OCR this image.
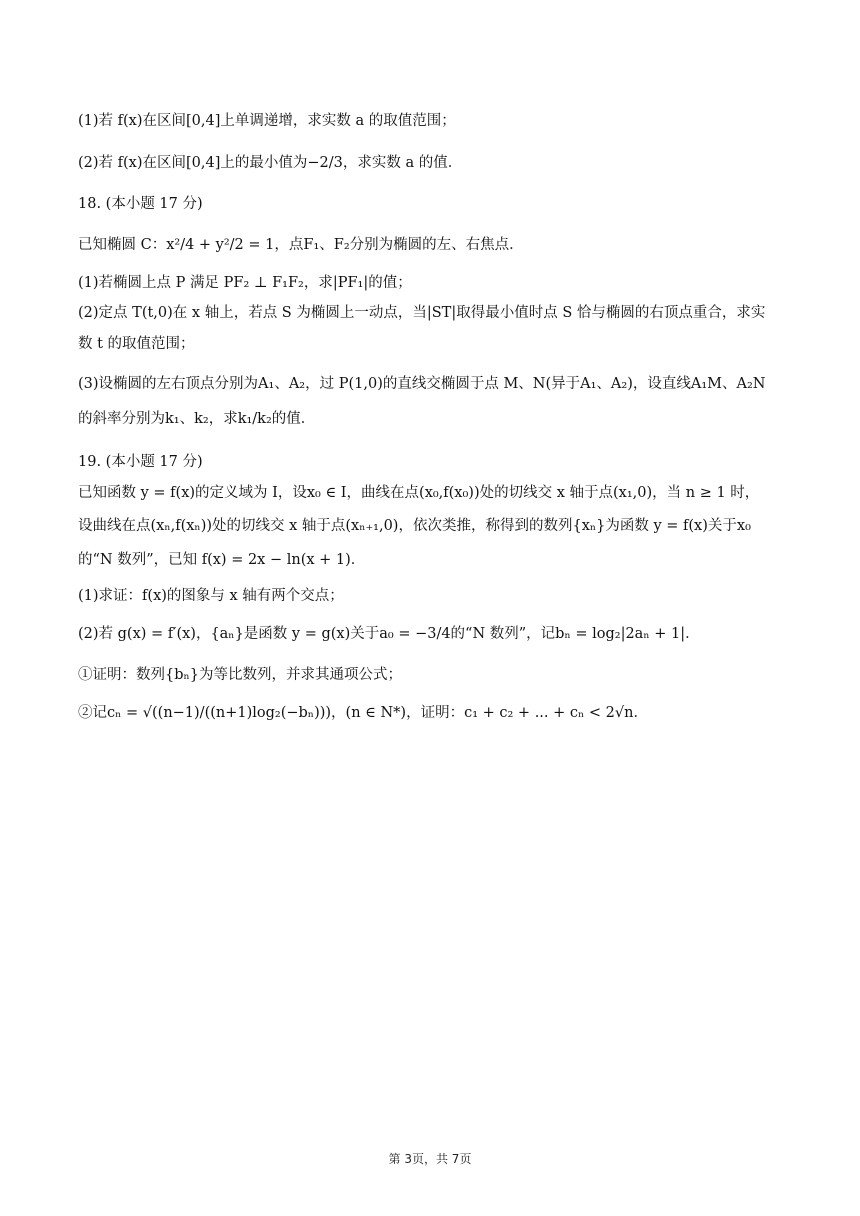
(1)若 f(x)在区间[0,4]上单调递增，求实数 a 的取值范围；
(2)若 f(x)在区间[0,4]上的最小值为−2/3，求实数 a 的值．
18. (本小题 17 分)
已知椭圆 C：x²/4 + y²/2 = 1，点F₁、F₂分别为椭圆的左、右焦点．
(1)若椭圆上点 P 满足 PF₂ ⊥ F₁F₂，求|PF₁|的值；
(2)定点 T(t,0)在 x 轴上，若点 S 为椭圆上一动点，当|ST|取得最小值时点 S 恰与椭圆的右顶点重合，求实
数 t 的取值范围；
(3)设椭圆的左右顶点分别为A₁、A₂，过 P(1,0)的直线交椭圆于点 M、N(异于A₁、A₂)，设直线A₁M、A₂N
的斜率分别为k₁、k₂，求k₁/k₂的值．
19. (本小题 17 分)
已知函数 y = f(x)的定义域为 I，设x₀ ∈ I，曲线在点(x₀,f(x₀))处的切线交 x 轴于点(x₁,0)，当 n ≥ 1 时，
设曲线在点(xₙ,f(xₙ))处的切线交 x 轴于点(xₙ₊₁,0)，依次类推，称得到的数列{xₙ}为函数 y = f(x)关于x₀
的“N 数列”，已知 f(x) = 2x − ln(x + 1)．
(1)求证：f(x)的图象与 x 轴有两个交点；
(2)若 g(x) = f′(x)，{aₙ}是函数 y = g(x)关于a₀ = −3/4的“N 数列”，记bₙ = log₂|2aₙ + 1|．
①证明：数列{bₙ}为等比数列，并求其通项公式；
②记cₙ = √((n−1)/((n+1)log₂(−bₙ)))，(n ∈ N*)，证明：c₁ + c₂ + ... + cₙ < 2√n．
第 3页，共 7页
